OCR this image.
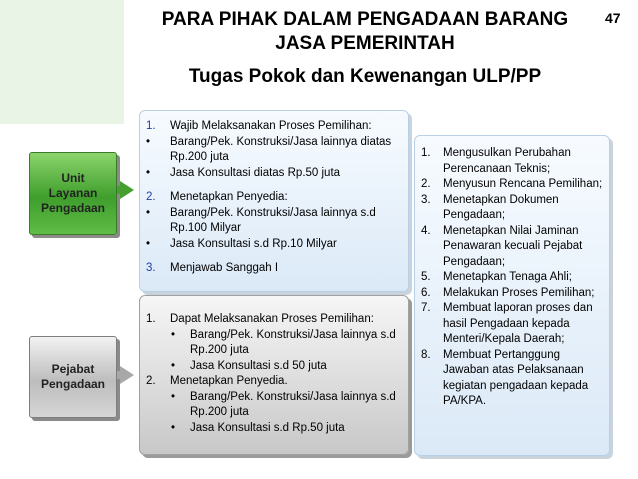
PARA PIHAK DALAM PENGADAAN BARANG
JASA PEMERINTAH
Tugas Pokok dan Kewenangan ULP/PP
47
Unit
Layanan
Pengadaan
Pejabat
Pengadaan
1.	Wajib Melaksanakan Proses Pemilihan:
•	Barang/Pek. Konstruksi/Jasa lainnya diatas Rp.200 juta
•	Jasa Konsultasi diatas Rp.50 juta
2.	Menetapkan Penyedia:
•	Barang/Pek. Konstruksi/Jasa lainnya s.d Rp.100 Milyar
•	Jasa Konsultasi s.d Rp.10 Milyar
3.	Menjawab Sanggah I
1.	Dapat Melaksanakan Proses Pemilihan:
•	Barang/Pek. Konstruksi/Jasa lainnya s.d Rp.200 juta
•	Jasa Konsultasi s.d 50 juta
2.	Menetapkan Penyedia.
•	Barang/Pek. Konstruksi/Jasa lainnya s.d Rp.200 juta
•	Jasa Konsultasi s.d Rp.50 juta
1.	Mengusulkan Perubahan Perencanaan Teknis;
2.	Menyusun Rencana Pemilihan;
3.	Menetapkan Dokumen Pengadaan;
4.	Menetapkan Nilai Jaminan Penawaran kecuali Pejabat Pengadaan;
5.	Menetapkan Tenaga Ahli;
6.	Melakukan Proses Pemilihan;
7.	Membuat laporan proses dan hasil Pengadaan kepada Menteri/Kepala Daerah;
8.	Membuat Pertanggung Jawaban atas Pelaksanaan kegiatan pengadaan kepada PA/KPA.
